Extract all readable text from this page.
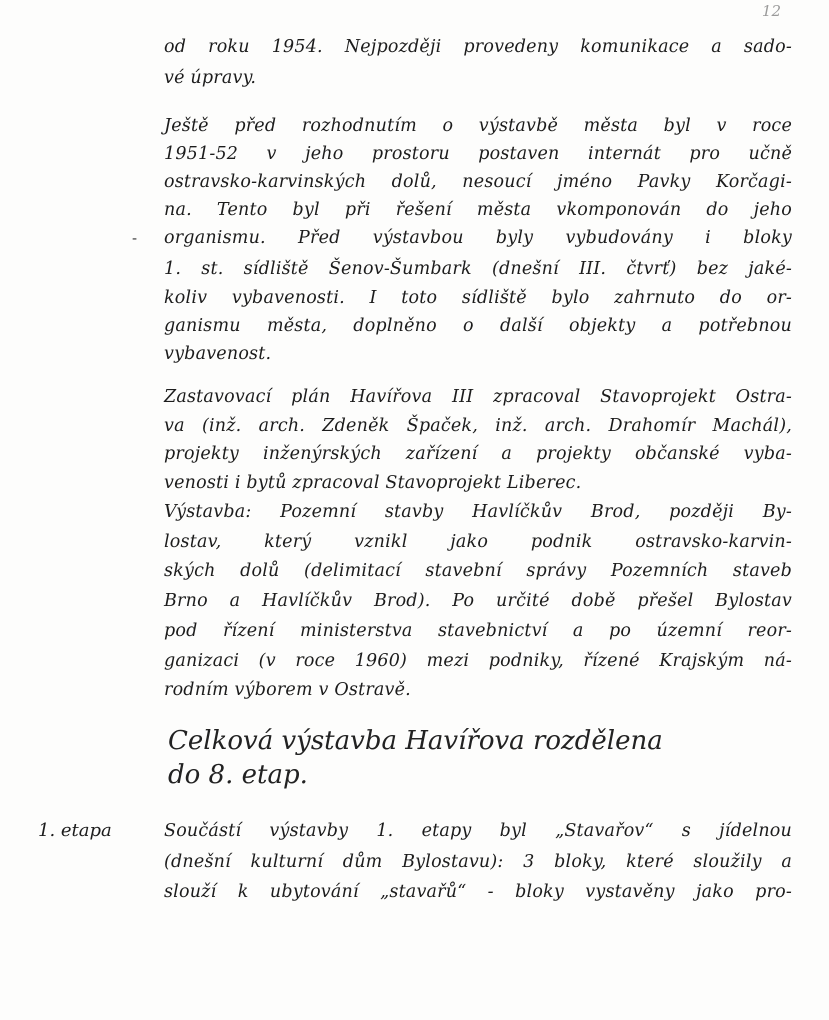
12
-
od roku 1954. Nejpozději provedeny komunikace a sado-
vé úpravy.
Ještě před rozhodnutím o výstavbě města byl v roce
1951-52 v jeho prostoru postaven internát pro učně
ostravsko-karvinských dolů, nesoucí jméno Pavky Korčagi-
na. Tento byl při řešení města vkomponován do jeho
organismu. Před výstavbou byly vybudovány i bloky
1. st. sídliště Šenov-Šumbark (dnešní III. čtvrť) bez jaké-
koliv vybavenosti. I toto sídliště bylo zahrnuto do or-
ganismu města, doplněno o další objekty a potřebnou
vybavenost.
Zastavovací plán Havířova III zpracoval Stavoprojekt Ostra-
va (inž. arch. Zdeněk Špaček, inž. arch. Drahomír Machál),
projekty inženýrských zařízení a projekty občanské vyba-
venosti i bytů zpracoval Stavoprojekt Liberec.
Výstavba: Pozemní stavby Havlíčkův Brod, později By-
lostav, který vznikl jako podnik ostravsko-karvin-
ských dolů (delimitací stavební správy Pozemních staveb
Brno a Havlíčkův Brod). Po určité době přešel Bylostav
pod řízení ministerstva stavebnictví a po územní reor-
ganizaci (v roce 1960) mezi podniky, řízené Krajským ná-
rodním výborem v Ostravě.
Celková výstavba Havířova rozdělena
do 8. etap.
1. etapa	Součástí výstavby 1. etapy byl „Stavařov“ s jídelnou
(dnešní kulturní dům Bylostavu): 3 bloky, které sloužily a
slouží k ubytování „stavařů“ - bloky vystavěny jako pro-
